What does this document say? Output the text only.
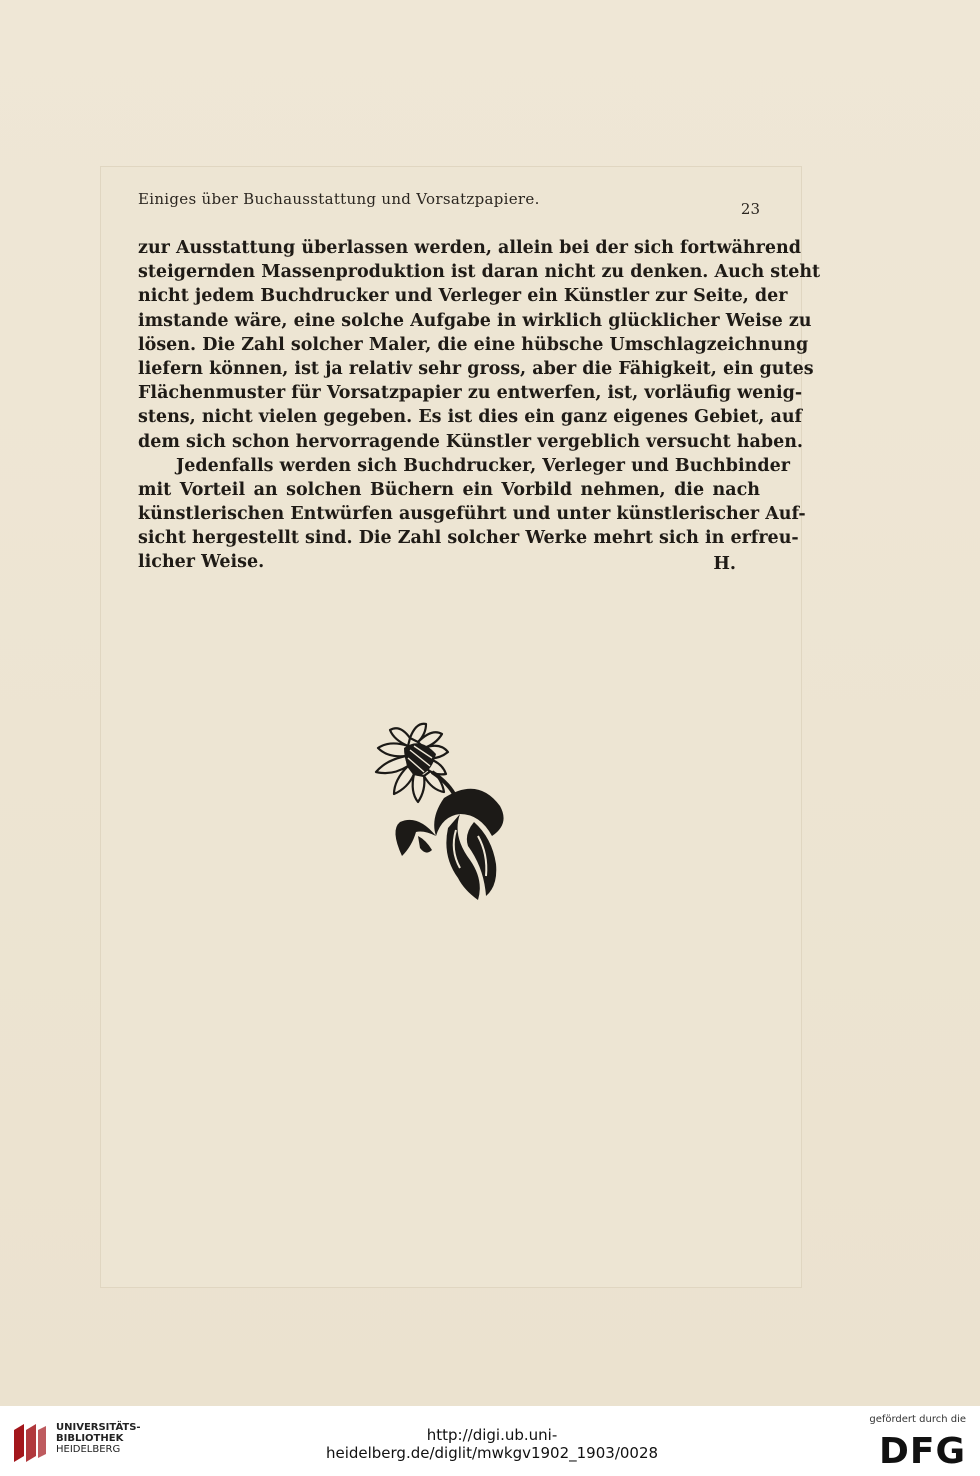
Einiges über Buchausstattung und Vorsatzpapiere.
23
zur Ausstattung überlassen werden, allein bei der sich fortwährend
steigernden Massenproduktion ist daran nicht zu denken. Auch steht
nicht jedem Buchdrucker und Verleger ein Künstler zur Seite, der
imstande wäre, eine solche Aufgabe in wirklich glücklicher Weise zu
lösen. Die Zahl solcher Maler, die eine hübsche Umschlagzeichnung
liefern können, ist ja relativ sehr gross, aber die Fähigkeit, ein gutes
Flächenmuster für Vorsatzpapier zu entwerfen, ist, vorläufig wenig-
stens, nicht vielen gegeben. Es ist dies ein ganz eigenes Gebiet, auf
dem sich schon hervorragende Künstler vergeblich versucht haben.
Jedenfalls werden sich Buchdrucker, Verleger und Buchbinder
mit Vorteil an solchen Büchern ein Vorbild nehmen, die nach
künstlerischen Entwürfen ausgeführt und unter künstlerischer Auf-
sicht hergestellt sind. Die Zahl solcher Werke mehrt sich in erfreu-
licher Weise.	H.
UNIVERSITÄTS-
BIBLIOTHEK
HEIDELBERG
http://digi.ub.uni-heidelberg.de/diglit/mwkgv1902_1903/0028
gefördert durch die
DFG
